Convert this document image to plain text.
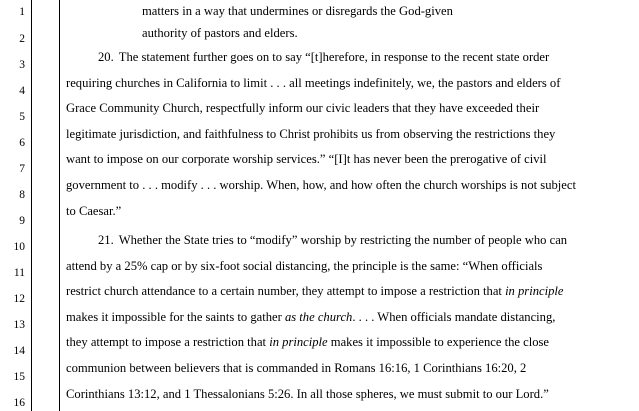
1
2
3
4
5
6
7
8
9
10
11
12
13
14
15
16
matters in a way that undermines or disregards the God-given
authority of pastors and elders.
20. The statement further goes on to say “[t]herefore, in response to the recent state order
requiring churches in California to limit . . . all meetings indefinitely, we, the pastors and elders of
Grace Community Church, respectfully inform our civic leaders that they have exceeded their
legitimate jurisdiction, and faithfulness to Christ prohibits us from observing the restrictions they
want to impose on our corporate worship services.” “[I]t has never been the prerogative of civil
government to . . . modify . . . worship. When, how, and how often the church worships is not subject
to Caesar.”
21. Whether the State tries to “modify” worship by restricting the number of people who can
attend by a 25% cap or by six-foot social distancing, the principle is the same: “When officials
restrict church attendance to a certain number, they attempt to impose a restriction that in principle
makes it impossible for the saints to gather as the church. . . . When officials mandate distancing,
they attempt to impose a restriction that in principle makes it impossible to experience the close
communion between believers that is commanded in Romans 16:16, 1 Corinthians 16:20, 2
Corinthians 13:12, and 1 Thessalonians 5:26. In all those spheres, we must submit to our Lord.”
